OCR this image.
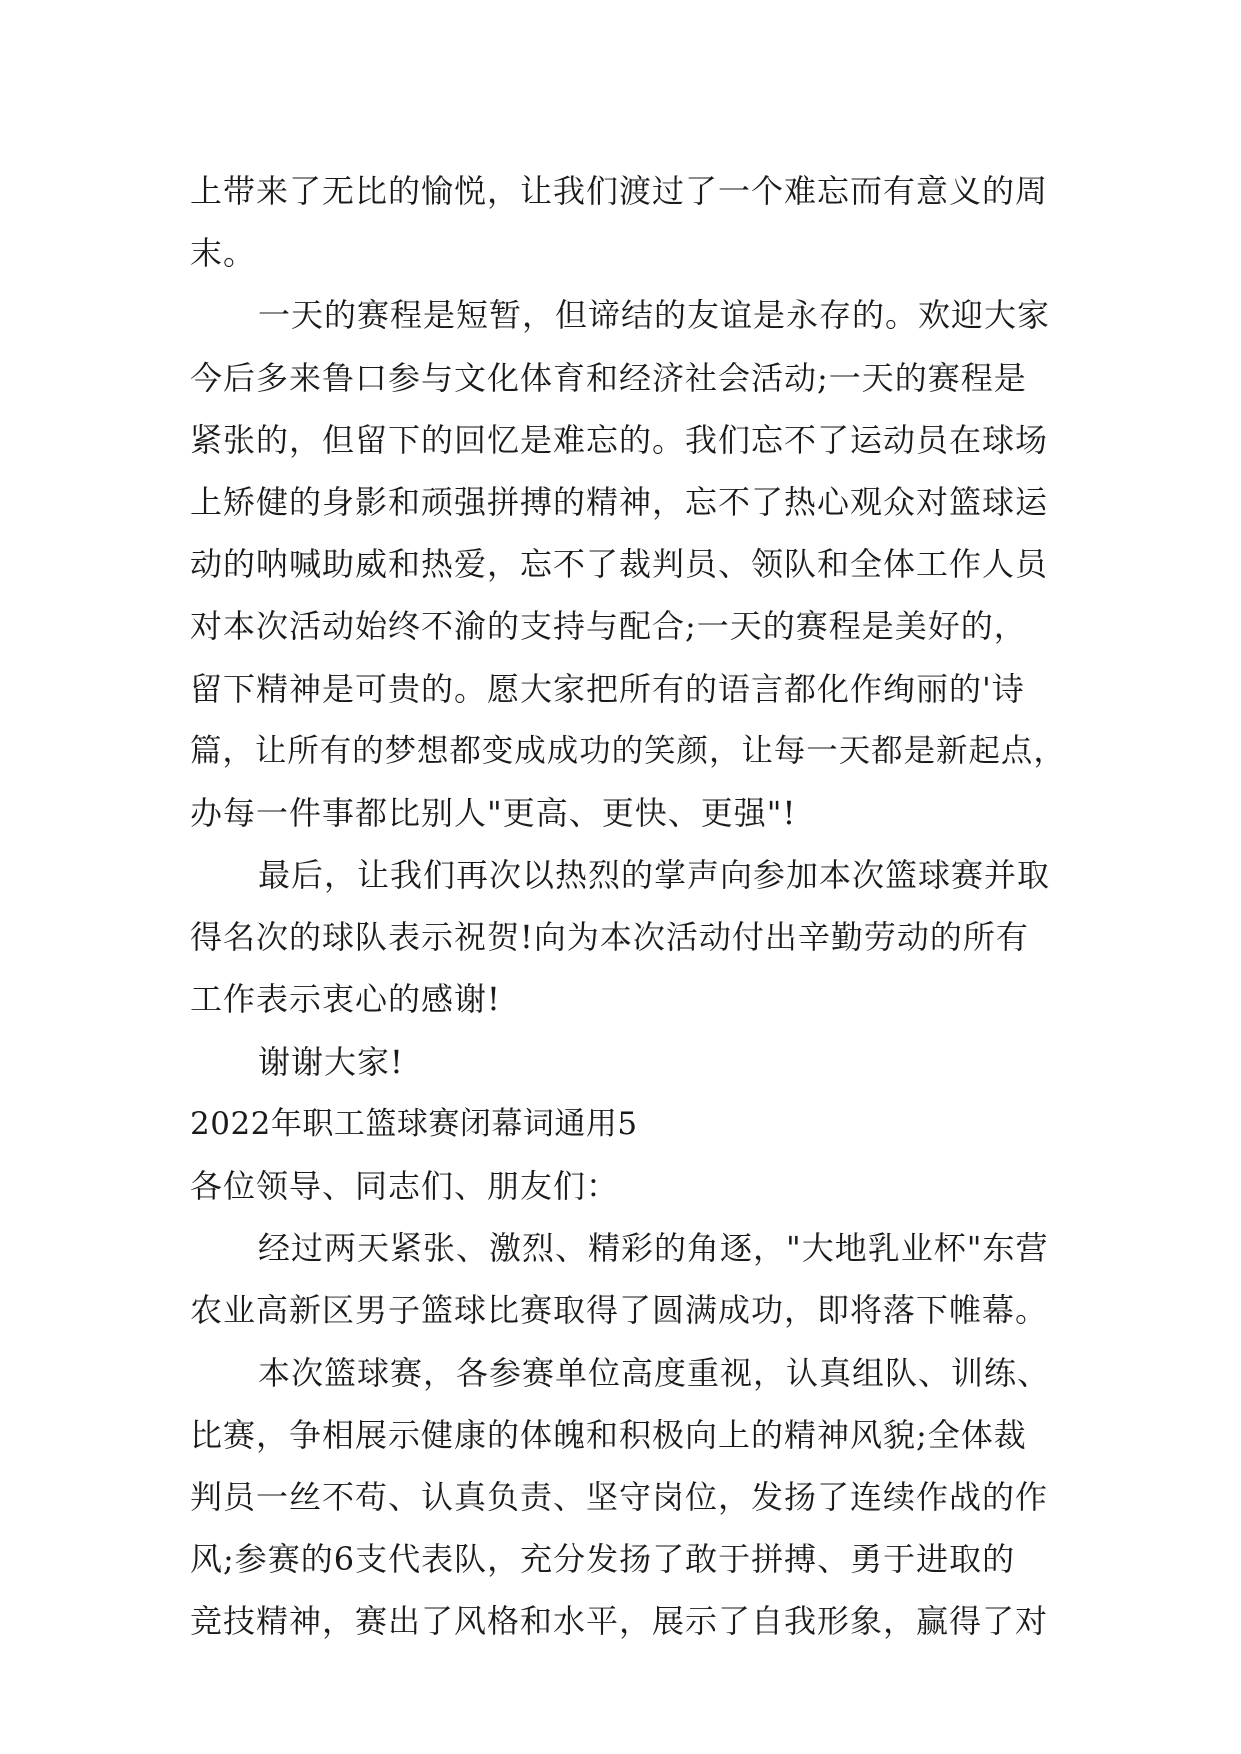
上带来了无比的愉悦，让我们渡过了一个难忘而有意义的周
末。
一天的赛程是短暂，但谛结的友谊是永存的。欢迎大家
今后多来鲁口参与文化体育和经济社会活动;一天的赛程是
紧张的，但留下的回忆是难忘的。我们忘不了运动员在球场
上矫健的身影和顽强拼搏的精神，忘不了热心观众对篮球运
动的呐喊助威和热爱，忘不了裁判员、领队和全体工作人员
对本次活动始终不渝的支持与配合;一天的赛程是美好的，
留下精神是可贵的。愿大家把所有的语言都化作绚丽的'诗
篇，让所有的梦想都变成成功的笑颜，让每一天都是新起点，
办每一件事都比别人"更高、更快、更强"!
最后，让我们再次以热烈的掌声向参加本次篮球赛并取
得名次的球队表示祝贺!向为本次活动付出辛勤劳动的所有
工作表示衷心的感谢!
谢谢大家!
2022年职工篮球赛闭幕词通用5
各位领导、同志们、朋友们：
经过两天紧张、激烈、精彩的角逐，"大地乳业杯"东营
农业高新区男子篮球比赛取得了圆满成功，即将落下帷幕。
本次篮球赛，各参赛单位高度重视，认真组队、训练、
比赛，争相展示健康的体魄和积极向上的精神风貌;全体裁
判员一丝不苟、认真负责、坚守岗位，发扬了连续作战的作
风;参赛的6支代表队，充分发扬了敢于拼搏、勇于进取的
竞技精神，赛出了风格和水平，展示了自我形象，赢得了对
